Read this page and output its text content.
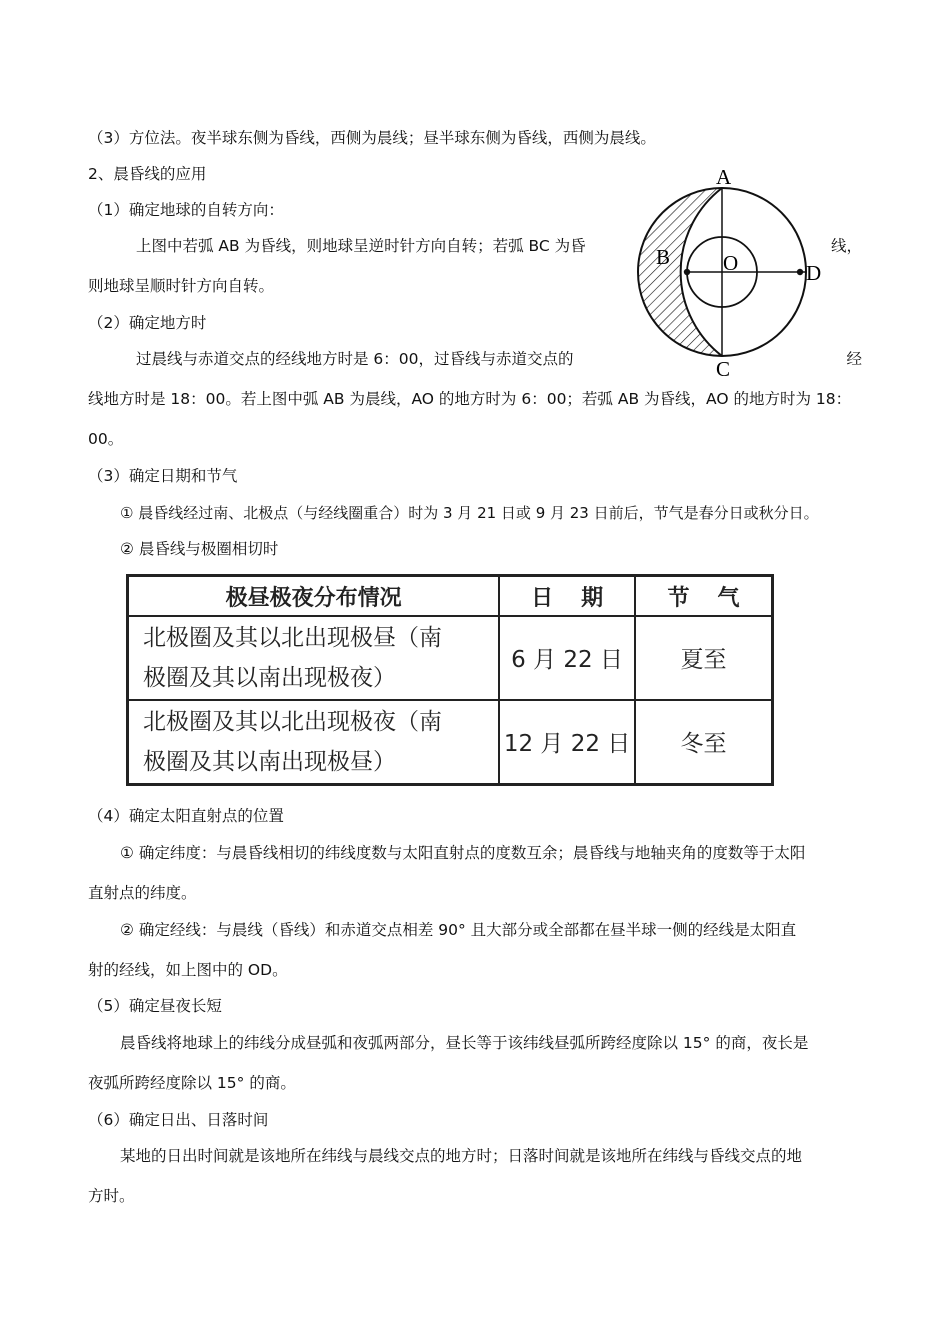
（3）方位法。夜半球东侧为昏线，西侧为晨线；昼半球东侧为昏线，西侧为晨线。
2、晨昏线的应用
（1）确定地球的自转方向：
上图中若弧 AB 为昏线，则地球呈逆时针方向自转；若弧 BC 为昏	线，
则地球呈顺时针方向自转。
（2）确定地方时
过晨线与赤道交点的经线地方时是 6：00，过昏线与赤道交点的	经
线地方时是 18：00。若上图中弧 AB 为晨线，AO 的地方时为 6：00；若弧 AB 为昏线，AO 的地方时为 18：
00。
（3）确定日期和节气
① 晨昏线经过南、北极点（与经线圈重合）时为 3 月 21 日或 9 月 23 日前后，节气是春分日或秋分日。
② 晨昏线与极圈相切时
A
B	O	D
C
极昼极夜分布情况	日期	节气

北极圈及其以北出现极昼（南
极圈及其以南出现极夜）	6 月 22 日	夏至

北极圈及其以北出现极夜（南
极圈及其以南出现极昼）	12 月 22 日	冬至
（4）确定太阳直射点的位置
① 确定纬度：与晨昏线相切的纬线度数与太阳直射点的度数互余；晨昏线与地轴夹角的度数等于太阳
直射点的纬度。
② 确定经线：与晨线（昏线）和赤道交点相差 90° 且大部分或全部都在昼半球一侧的经线是太阳直
射的经线，如上图中的 OD。
（5）确定昼夜长短
晨昏线将地球上的纬线分成昼弧和夜弧两部分，昼长等于该纬线昼弧所跨经度除以 15° 的商，夜长是
夜弧所跨经度除以 15° 的商。
（6）确定日出、日落时间
某地的日出时间就是该地所在纬线与晨线交点的地方时；日落时间就是该地所在纬线与昏线交点的地
方时。
